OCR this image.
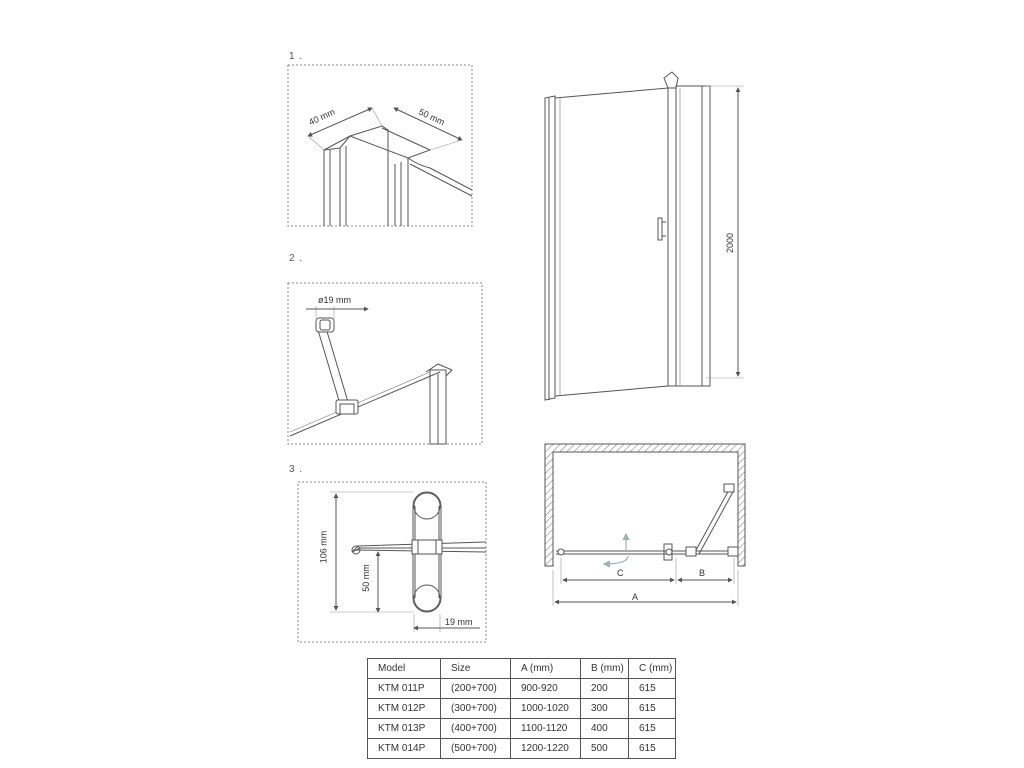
1 .
2 .
3 .
40 mm	50 mm
ø19 mm
106 mm
50 mm
19 mm
2000
C	B
A
Model	Size	A (mm)	B (mm)	C (mm)
KTM 011P	(200+700)	900-920	200	615
KTM 012P	(300+700)	1000-1020	300	615
KTM 013P	(400+700)	1100-1120	400	615
KTM 014P	(500+700)	1200-1220	500	615
